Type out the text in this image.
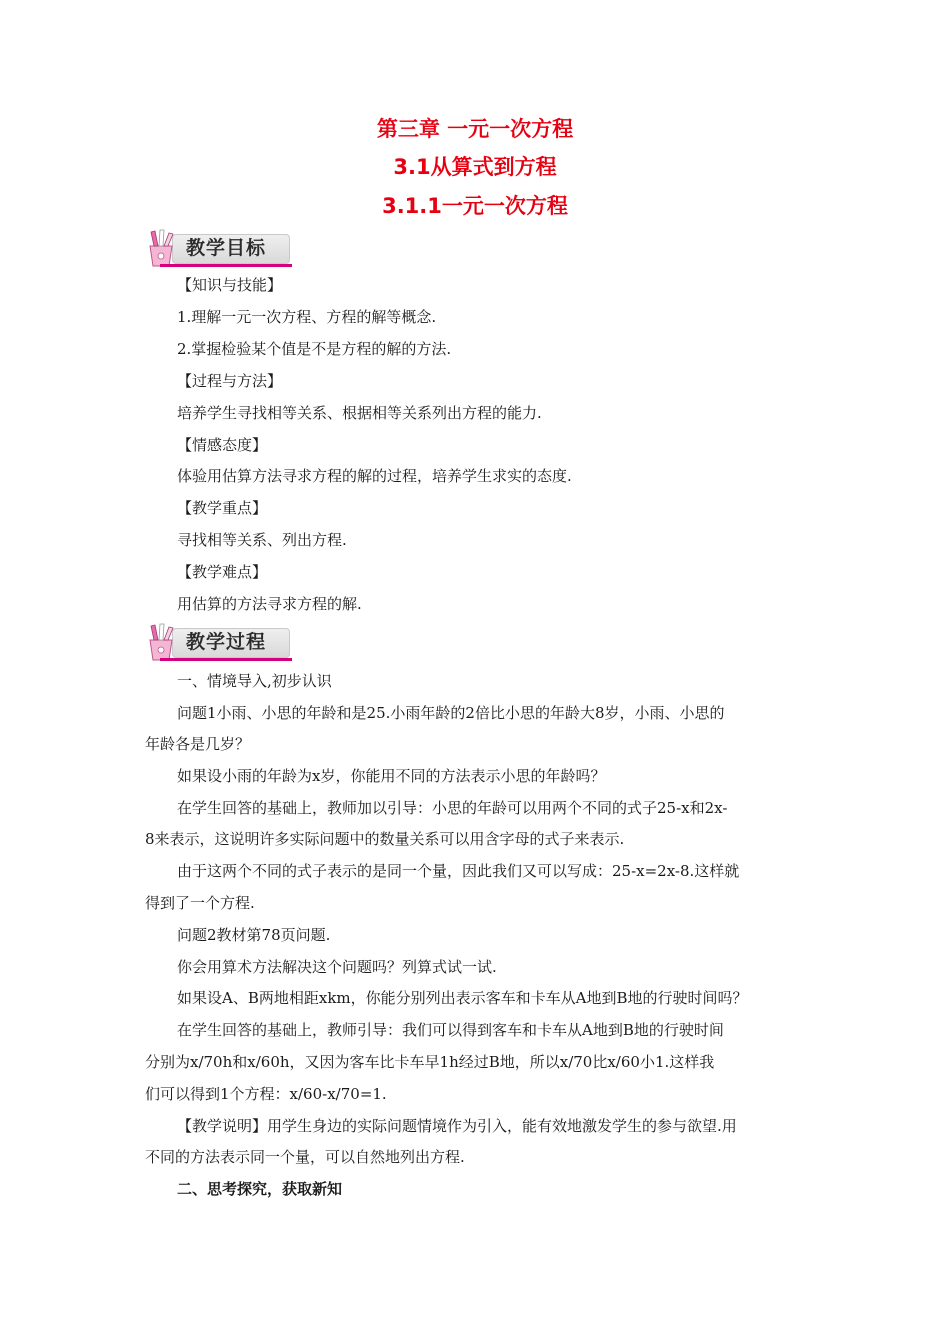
第三章 一元一次方程
3.1从算式到方程
3.1.1一元一次方程
教学目标
【知识与技能】
1.理解一元一次方程、方程的解等概念.
2.掌握检验某个值是不是方程的解的方法.
【过程与方法】
培养学生寻找相等关系、根据相等关系列出方程的能力.
【情感态度】
体验用估算方法寻求方程的解的过程，培养学生求实的态度.
【教学重点】
寻找相等关系、列出方程.
【教学难点】
用估算的方法寻求方程的解.
教学过程
一、情境导入,初步认识
问题1小雨、小思的年龄和是25.小雨年龄的2倍比小思的年龄大8岁，小雨、小思的
年龄各是几岁？
如果设小雨的年龄为x岁，你能用不同的方法表示小思的年龄吗？
在学生回答的基础上，教师加以引导：小思的年龄可以用两个不同的式子25-x和2x-
8来表示，这说明许多实际问题中的数量关系可以用含字母的式子来表示.
由于这两个不同的式子表示的是同一个量，因此我们又可以写成：25-x=2x-8.这样就
得到了一个方程.
问题2教材第78页问题.
你会用算术方法解决这个问题吗？列算式试一试.
如果设A、B两地相距xkm，你能分别列出表示客车和卡车从A地到B地的行驶时间吗？
在学生回答的基础上，教师引导：我们可以得到客车和卡车从A地到B地的行驶时间
分别为x/70h和x/60h，又因为客车比卡车早1h经过B地，所以x/70比x/60小1.这样我
们可以得到1个方程：x/60-x/70=1.
【教学说明】用学生身边的实际问题情境作为引入，能有效地激发学生的参与欲望.用
不同的方法表示同一个量，可以自然地列出方程.
二、思考探究，获取新知
